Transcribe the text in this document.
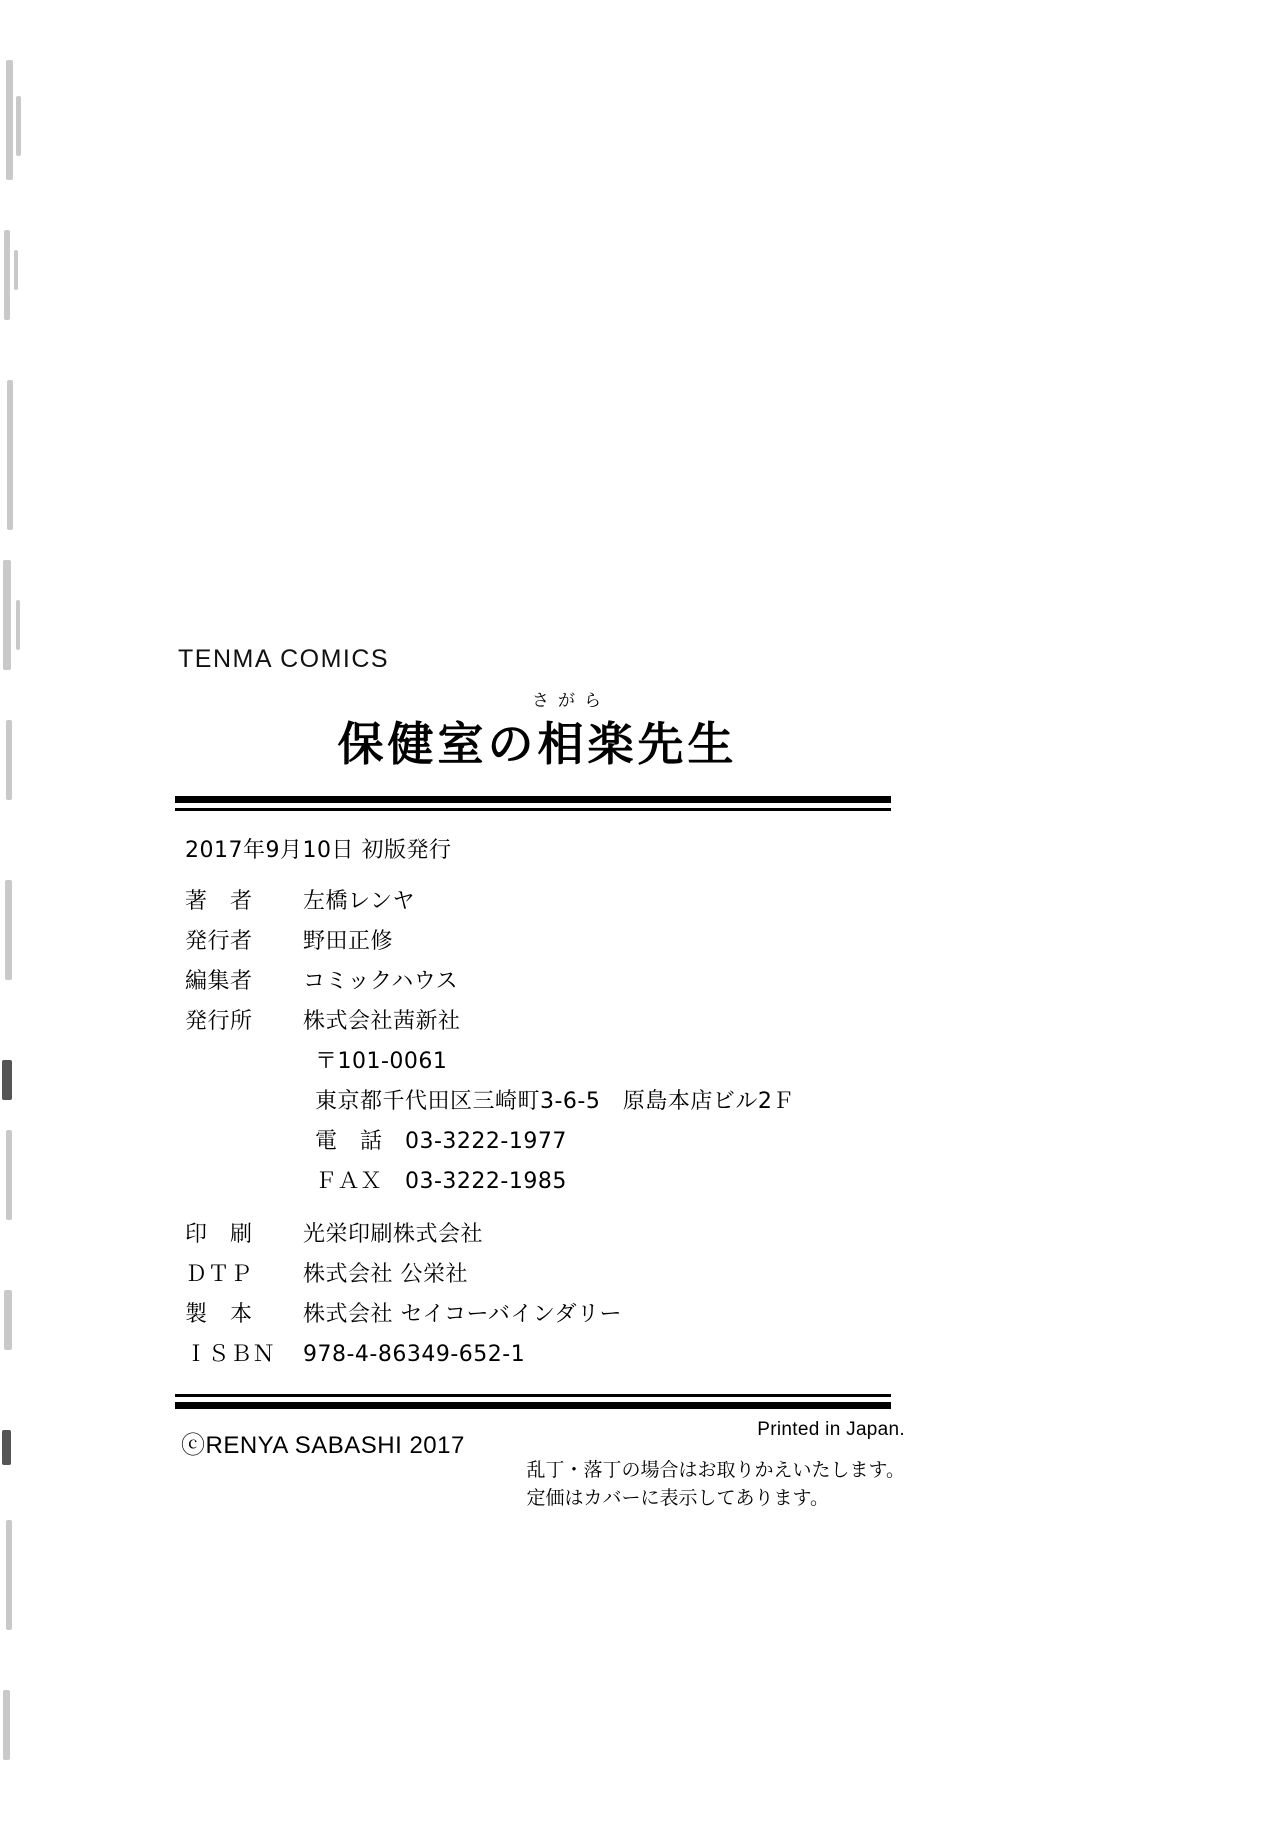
TENMA COMICS
さがら
保健室の相楽先生
2017年9月10日 初版発行
著　者	左橋レンヤ
発行者	野田正修
編集者	コミックハウス
発行所	株式会社茜新社
〒101-0061
東京都千代田区三崎町3-6-5　原島本店ビル2Ｆ
電　話　03-3222-1977
ＦＡＸ　03-3222-1985
印　刷	光栄印刷株式会社
ＤＴＰ	株式会社 公栄社
製　本	株式会社 セイコーバインダリー
ＩＳＢＮ	978-4-86349-652-1
ⓒRENYA SABASHI 2017
Printed in Japan.
乱丁・落丁の場合はお取りかえいたします。
定価はカバーに表示してあります。
